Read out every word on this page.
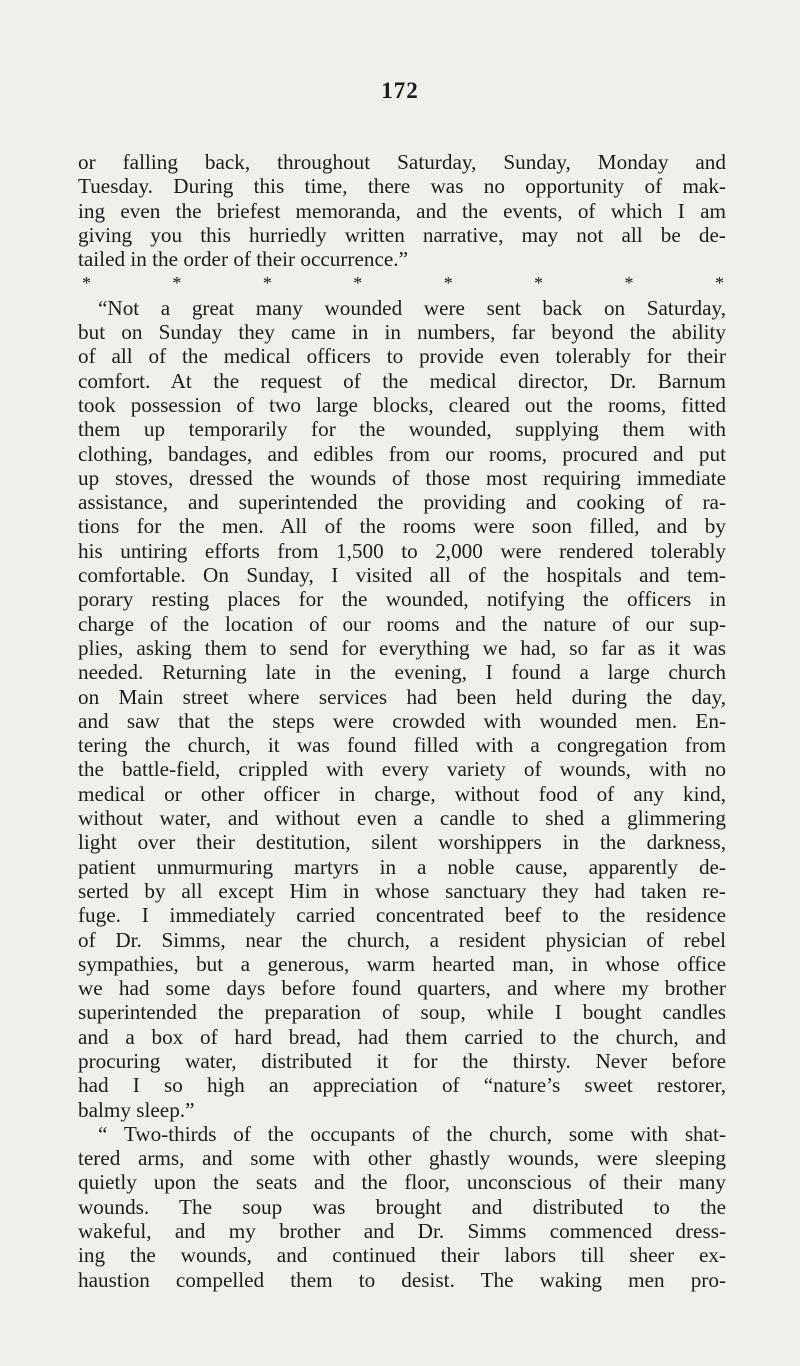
172
or falling back, throughout Saturday, Sunday, Monday and
Tuesday. During this time, there was no opportunity of mak-
ing even the briefest memoranda, and the events, of which I am
giving you this hurriedly written narrative, may not all be de-
tailed in the order of their occurrence.”
*	*	*	*	*	*	*	*
“Not a great many wounded were sent back on Saturday,
but on Sunday they came in in numbers, far beyond the ability
of all of the medical officers to provide even tolerably for their
comfort. At the request of the medical director, Dr. Barnum
took possession of two large blocks, cleared out the rooms, fitted
them up temporarily for the wounded, supplying them with
clothing, bandages, and edibles from our rooms, procured and put
up stoves, dressed the wounds of those most requiring immediate
assistance, and superintended the providing and cooking of ra-
tions for the men. All of the rooms were soon filled, and by
his untiring efforts from 1,500 to 2,000 were rendered tolerably
comfortable. On Sunday, I visited all of the hospitals and tem-
porary resting places for the wounded, notifying the officers in
charge of the location of our rooms and the nature of our sup-
plies, asking them to send for everything we had, so far as it was
needed. Returning late in the evening, I found a large church
on Main street where services had been held during the day,
and saw that the steps were crowded with wounded men. En-
tering the church, it was found filled with a congregation from
the battle-field, crippled with every variety of wounds, with no
medical or other officer in charge, without food of any kind,
without water, and without even a candle to shed a glimmering
light over their destitution, silent worshippers in the darkness,
patient unmurmuring martyrs in a noble cause, apparently de-
serted by all except Him in whose sanctuary they had taken re-
fuge. I immediately carried concentrated beef to the residence
of Dr. Simms, near the church, a resident physician of rebel
sympathies, but a generous, warm hearted man, in whose office
we had some days before found quarters, and where my brother
superintended the preparation of soup, while I bought candles
and a box of hard bread, had them carried to the church, and
procuring water, distributed it for the thirsty. Never before
had I so high an appreciation of “nature’s sweet restorer,
balmy sleep.”
“ Two-thirds of the occupants of the church, some with shat-
tered arms, and some with other ghastly wounds, were sleeping
quietly upon the seats and the floor, unconscious of their many
wounds. The soup was brought and distributed to the
wakeful, and my brother and Dr. Simms commenced dress-
ing the wounds, and continued their labors till sheer ex-
haustion compelled them to desist. The waking men pro-
